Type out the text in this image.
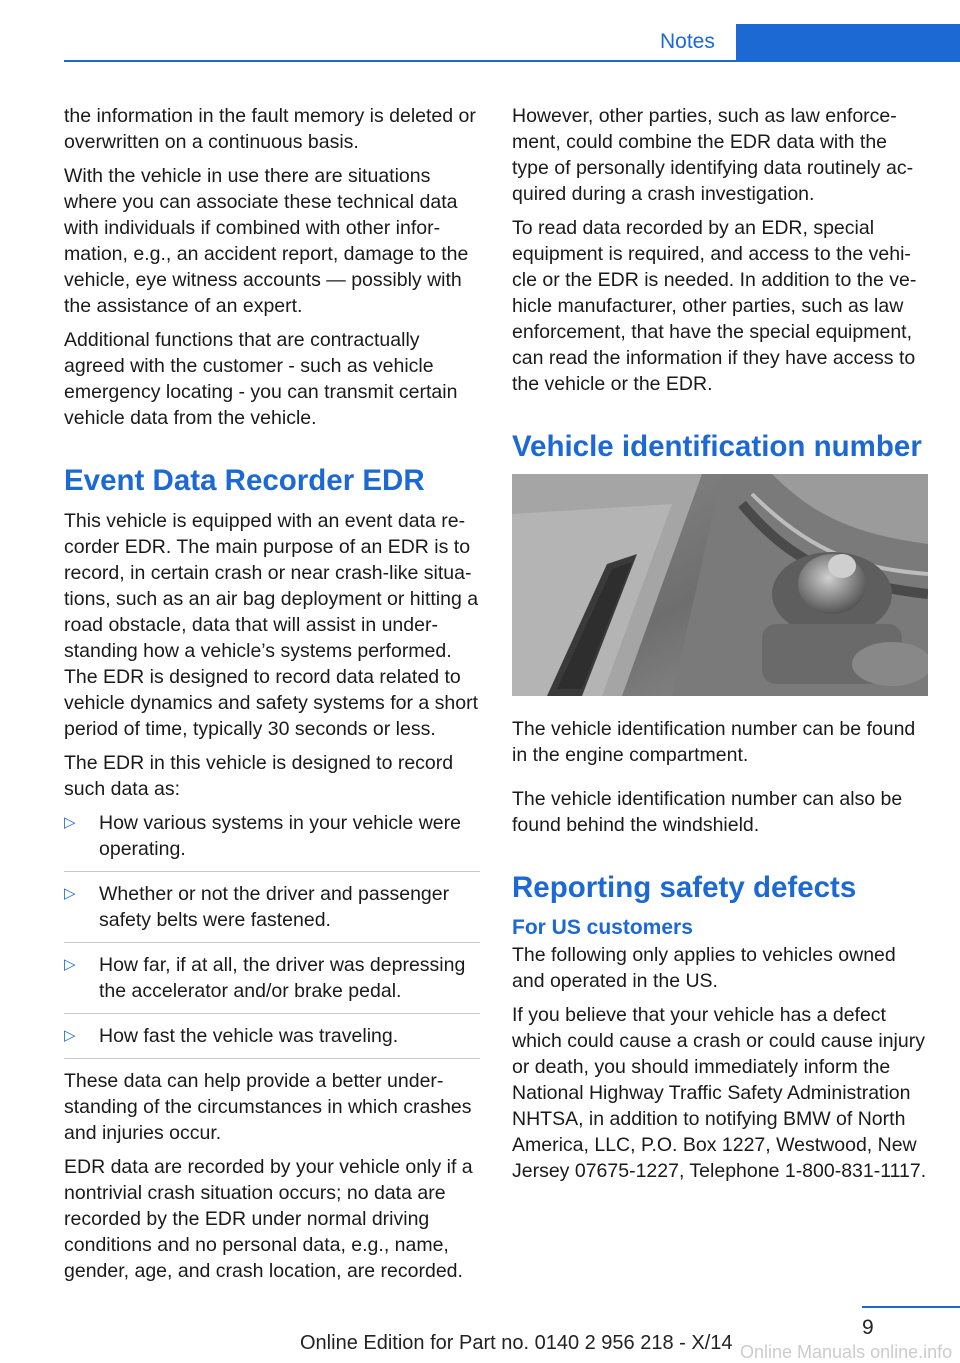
Notes

the information in the fault memory is deleted or overwritten on a continuous basis.

With the vehicle in use there are situations where you can associate these technical data with individuals if combined with other information, e.g., an accident report, damage to the vehicle, eye witness accounts — possibly with the assistance of an expert.

Additional functions that are contractually agreed with the customer - such as vehicle emergency locating - you can transmit certain vehicle data from the vehicle.

Event Data Recorder EDR

This vehicle is equipped with an event data recorder EDR. The main purpose of an EDR is to record, in certain crash or near crash-like situations, such as an air bag deployment or hitting a road obstacle, data that will assist in understanding how a vehicle’s systems performed. The EDR is designed to record data related to vehicle dynamics and safety systems for a short period of time, typically 30 seconds or less.

The EDR in this vehicle is designed to record such data as:

▷ How various systems in your vehicle were operating.
▷ Whether or not the driver and passenger safety belts were fastened.
▷ How far, if at all, the driver was depressing the accelerator and/or brake pedal.
▷ How fast the vehicle was traveling.

These data can help provide a better understanding of the circumstances in which crashes and injuries occur.

EDR data are recorded by your vehicle only if a nontrivial crash situation occurs; no data are recorded by the EDR under normal driving conditions and no personal data, e.g., name, gender, age, and crash location, are recorded.

However, other parties, such as law enforcement, could combine the EDR data with the type of personally identifying data routinely acquired during a crash investigation.

To read data recorded by an EDR, special equipment is required, and access to the vehicle or the EDR is needed. In addition to the vehicle manufacturer, other parties, such as law enforcement, that have the special equipment, can read the information if they have access to the vehicle or the EDR.

Vehicle identification number

The vehicle identification number can be found in the engine compartment.

The vehicle identification number can also be found behind the windshield.

Reporting safety defects
For US customers

The following only applies to vehicles owned and operated in the US.

If you believe that your vehicle has a defect which could cause a crash or could cause injury or death, you should immediately inform the National Highway Traffic Safety Administration NHTSA, in addition to notifying BMW of North America, LLC, P.O. Box 1227, Westwood, New Jersey 07675-1227, Telephone 1-800-831-1117.

9
Online Edition for Part no. 0140 2 956 218 - X/14 Online Manuals online.info
